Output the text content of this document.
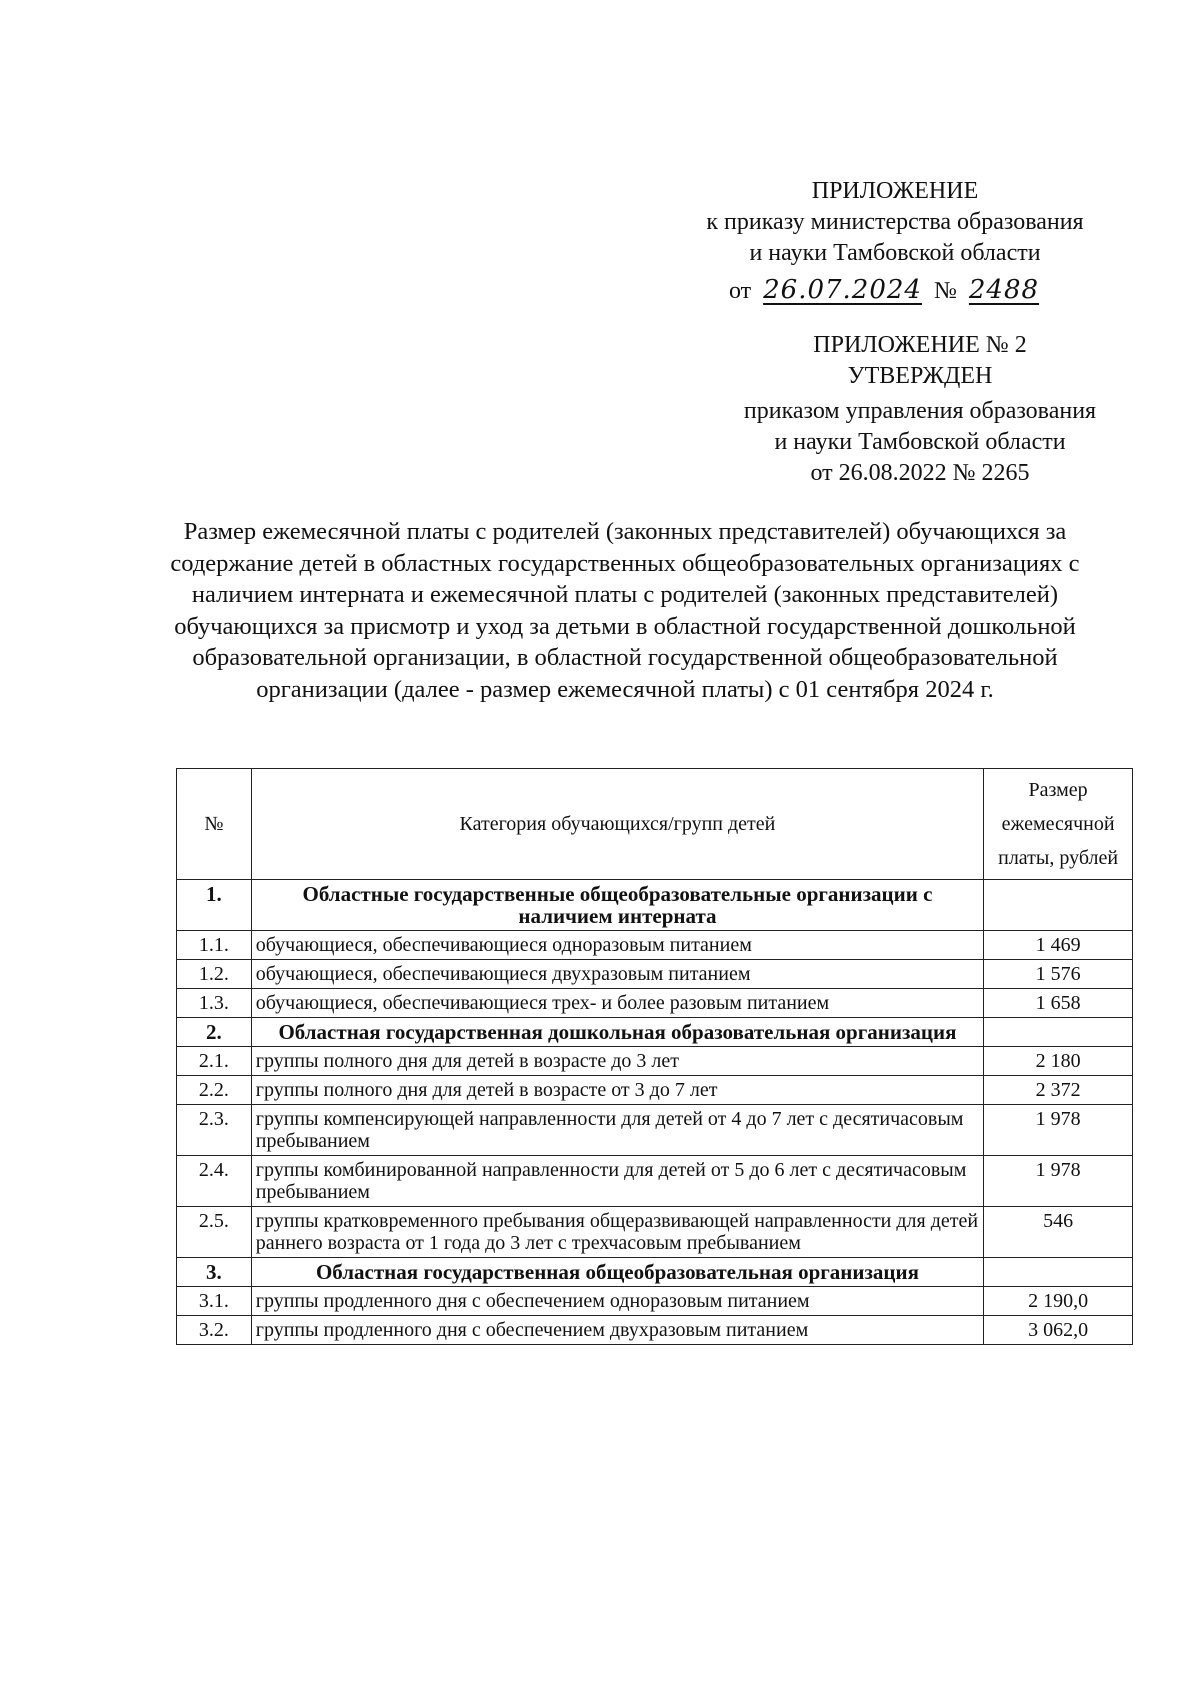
ПРИЛОЖЕНИЕ
к приказу министерства образования
и науки Тамбовской области
от 26.07.2024 № 2488
ПРИЛОЖЕНИЕ № 2
УТВЕРЖДЕН
приказом управления образования
и науки Тамбовской области
от 26.08.2022 № 2265
Размер ежемесячной платы с родителей (законных представителей) обучающихся за содержание детей в областных государственных общеобразовательных организациях с наличием интерната и ежемесячной платы с родителей (законных представителей) обучающихся за присмотр и уход за детьми в областной государственной дошкольной образовательной организации, в областной государственной общеобразовательной организации (далее - размер ежемесячной платы) с 01 сентября 2024 г.
№	Категория обучающихся/групп детей	Размер ежемесячной платы, рублей
1.	Областные государственные общеобразовательные организации с наличием интерната	
1.1.	обучающиеся, обеспечивающиеся одноразовым питанием	1 469
1.2.	обучающиеся, обеспечивающиеся двухразовым питанием	1 576
1.3.	обучающиеся, обеспечивающиеся трех- и более разовым питанием	1 658
2.	Областная государственная дошкольная образовательная организация	
2.1.	группы полного дня для детей в возрасте до 3 лет	2 180
2.2.	группы полного дня для детей в возрасте от 3 до 7 лет	2 372
2.3.	группы компенсирующей направленности для детей от 4 до 7 лет с десятичасовым пребыванием	1 978
2.4.	группы комбинированной направленности для детей от 5 до 6 лет с десятичасовым пребыванием	1 978
2.5.	группы кратковременного пребывания общеразвивающей направленности для детей раннего возраста от 1 года до 3 лет с трехчасовым пребыванием	546
3.	Областная государственная общеобразовательная организация	
3.1.	группы продленного дня с обеспечением одноразовым питанием	2 190,0
3.2.	группы продленного дня с обеспечением двухразовым питанием	3 062,0
